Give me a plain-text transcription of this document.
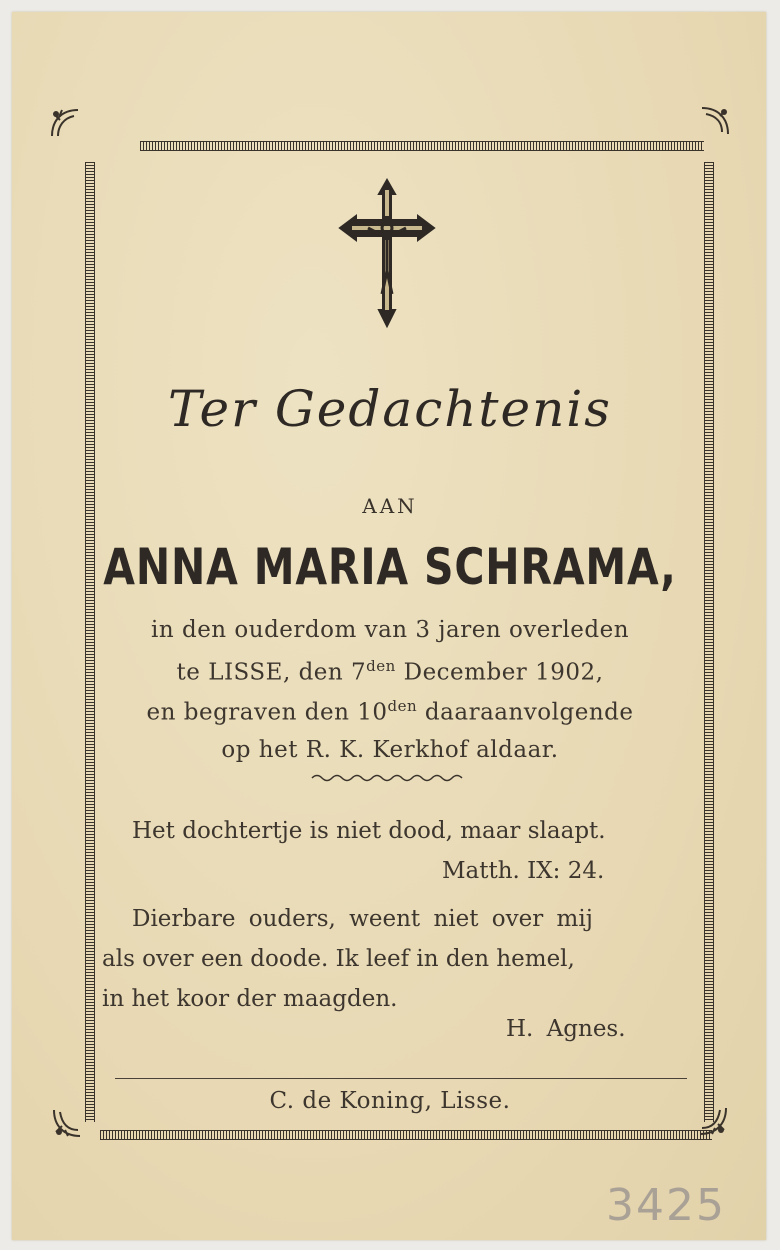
Ter Gedachtenis
AAN
ANNA MARIA SCHRAMA,
in den ouderdom van 3 jaren overleden
te LISSE, den $7^{den}$ December 1902,
en begraven den $10^{den}$ daaraanvolgende
op het R. K. Kerkhof aldaar.
Het dochtertje is niet dood, maar slaapt.
Matth. IX: 24.
Dierbare ouders, weent niet over mij
als over een doode. Ik leef in den hemel,
in het koor der maagden.
H. Agnes.
C. de Koning, Lisse.
3425
